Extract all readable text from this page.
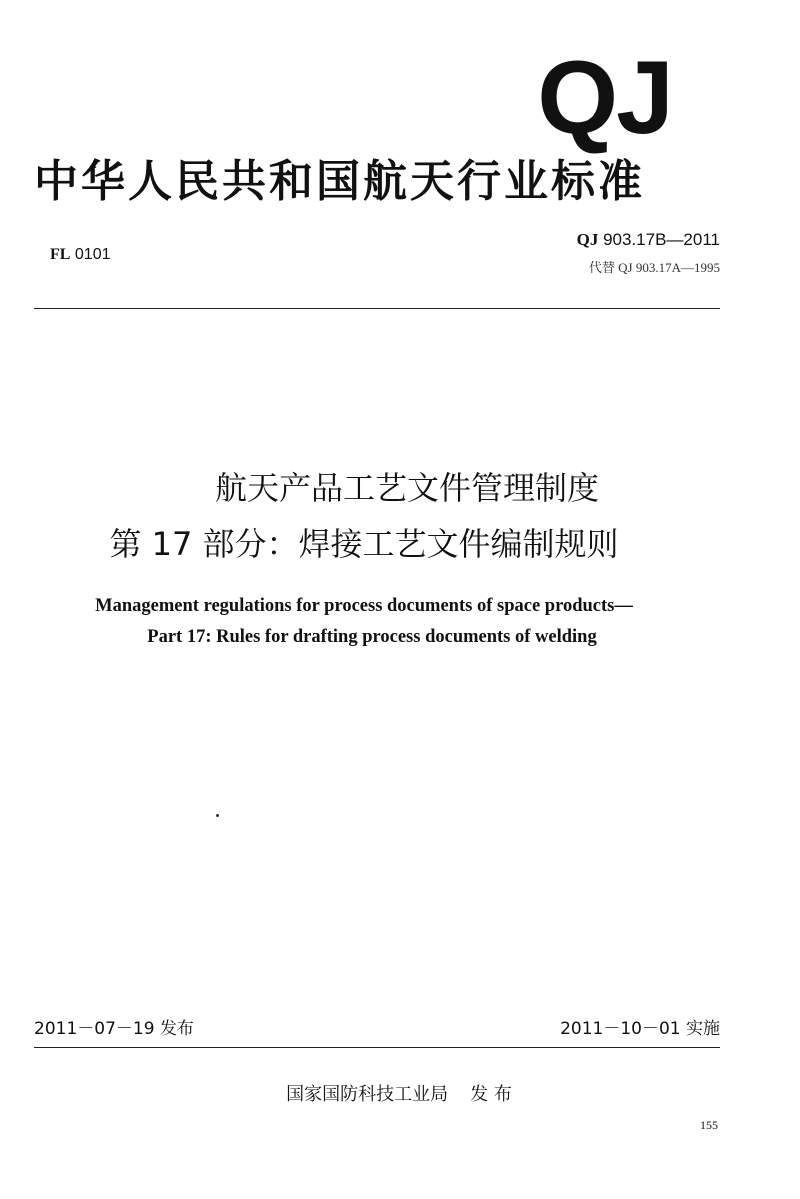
QJ
中华人民共和国航天行业标准
FL 0101
QJ 903.17B—2011
代替 QJ 903.17A—1995
航天产品工艺文件管理制度
第 17 部分：焊接工艺文件编制规则
Management regulations for process documents of space products—
Part 17: Rules for drafting process documents of welding
2011－07－19 发布	2011－10－01 实施
国家国防科技工业局 发 布
155
